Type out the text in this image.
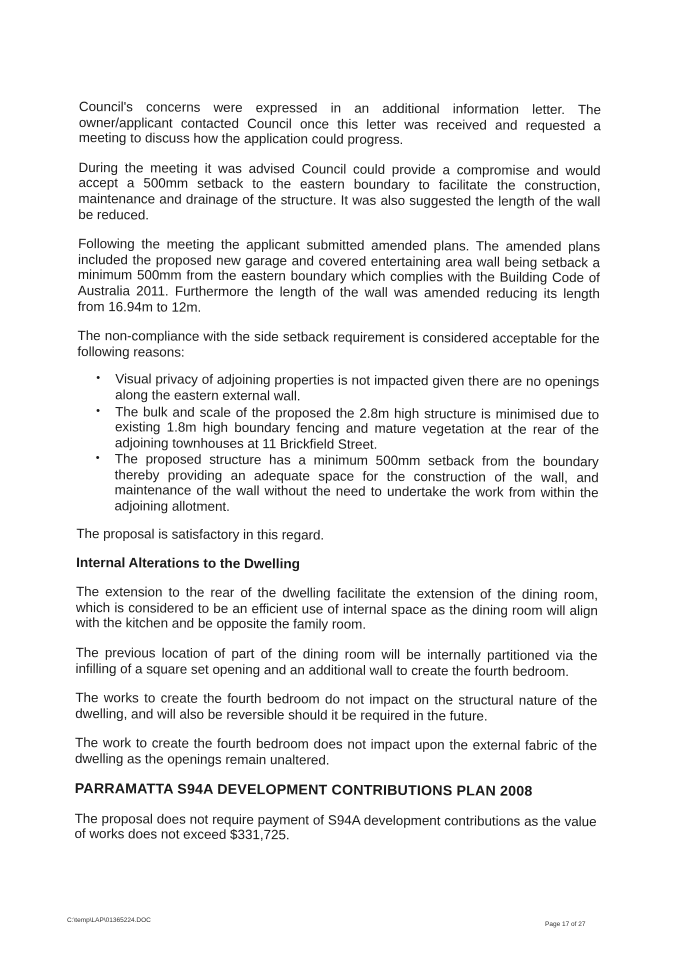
Council's concerns were expressed in an additional information letter. The owner/applicant contacted Council once this letter was received and requested a meeting to discuss how the application could progress.

During the meeting it was advised Council could provide a compromise and would accept a 500mm setback to the eastern boundary to facilitate the construction, maintenance and drainage of the structure. It was also suggested the length of the wall be reduced.

Following the meeting the applicant submitted amended plans. The amended plans included the proposed new garage and covered entertaining area wall being setback a minimum 500mm from the eastern boundary which complies with the Building Code of Australia 2011. Furthermore the length of the wall was amended reducing its length from 16.94m to 12m.

The non-compliance with the side setback requirement is considered acceptable for the following reasons:

• Visual privacy of adjoining properties is not impacted given there are no openings along the eastern external wall.
• The bulk and scale of the proposed the 2.8m high structure is minimised due to existing 1.8m high boundary fencing and mature vegetation at the rear of the adjoining townhouses at 11 Brickfield Street.
• The proposed structure has a minimum 500mm setback from the boundary thereby providing an adequate space for the construction of the wall, and maintenance of the wall without the need to undertake the work from within the adjoining allotment.

The proposal is satisfactory in this regard.

Internal Alterations to the Dwelling

The extension to the rear of the dwelling facilitate the extension of the dining room, which is considered to be an efficient use of internal space as the dining room will align with the kitchen and be opposite the family room.

The previous location of part of the dining room will be internally partitioned via the infilling of a square set opening and an additional wall to create the fourth bedroom.

The works to create the fourth bedroom do not impact on the structural nature of the dwelling, and will also be reversible should it be required in the future.

The work to create the fourth bedroom does not impact upon the external fabric of the dwelling as the openings remain unaltered.

PARRAMATTA S94A DEVELOPMENT CONTRIBUTIONS PLAN 2008

The proposal does not require payment of S94A development contributions as the value of works does not exceed $331,725.

C:\temp\LAP\01365224.DOC
Page 17 of 27
